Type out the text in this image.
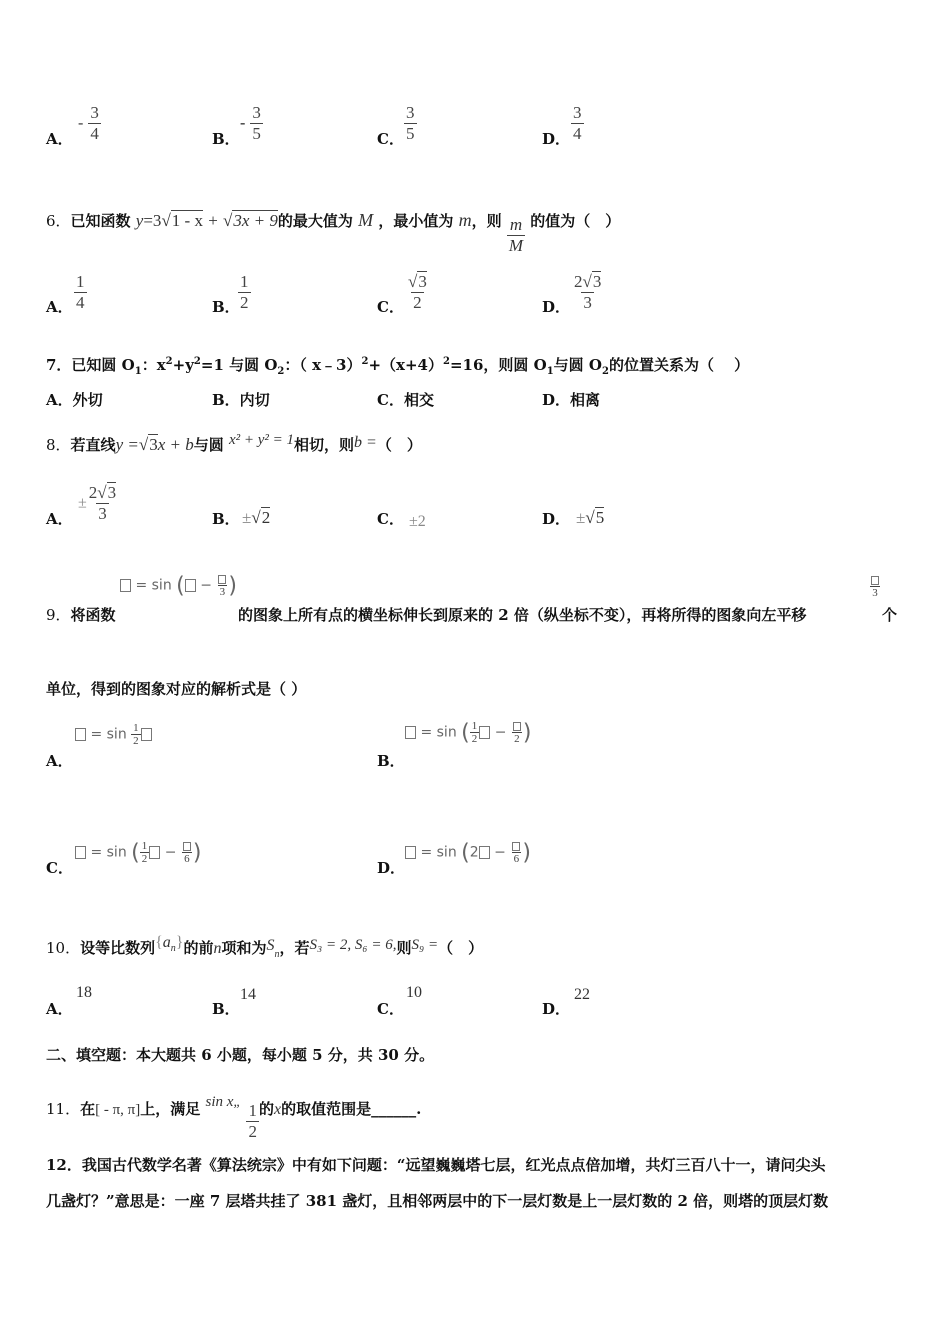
A．
- $\frac{3}{4}$	B．
- $\frac{3}{5}$	C． $\frac{3}{5}$	D． $\frac{3}{4}$
6．已知函数 y=3√1 - x + √3x + 9的最大值为 M ，最小值为 m，则 $\frac{m}{M}$ 的值为（　）
A． $\frac{1}{4}$	B．
$\frac{1}{2}$	C． $\frac{√3}{2}$	D． $\frac{2√3}{3}$
7．已知圆 $O_1$：$x^2+y^2=1$ 与圆 $O_2$：（ $x﹣3)^2+(x+4)^2=16$，则圆 $O_1$与圆 $O_2$的位置关系为（　 ）
A．外切	B．内切	C．相交	D．相离
8．若直线y =√3x + b与圆 x² + y² = 1相切，则b =（　）
A．
± $\frac{2√3}{3}$	B． ±√2	C． ±2	D． ±√5
= sin ( − 3 )	3
9．将函数	的图象上所有点的横坐标伸长到原来的 2 倍（纵坐标不变），再将所得的图象向左平移	个
单位，得到的图象对应的解析式是（ ）
= $\sin \frac{1}{2}$
A．
= sin ( $\frac{1}{2} - 2$ )
B．
= sin ( $\frac{1}{2} - 6$ )
C．
= sin (2 − 6 )
D．
10．设等比数列$\{a_n\}$的前n项和为$S_n$，若S₃ = 2, S₆ = 6,则S₉ =（　）
A．
18
B．
14
C．
10
D．
22
二、填空题：本大题共 6 小题，每小题 5 分，共 30 分。
11．在[ - π, π]上，满足 sin x„ $\frac{1}{2}$ 的x的取值范围是______.
12．我国古代数学名著《算法统宗》中有如下问题：“远望巍巍塔七层，红光点点倍加增，共灯三百八十一，请问尖头
几盏灯？”意思是：一座 7 层塔共挂了 381 盏灯，且相邻两层中的下一层灯数是上一层灯数的 2 倍，则塔的顶层灯数
